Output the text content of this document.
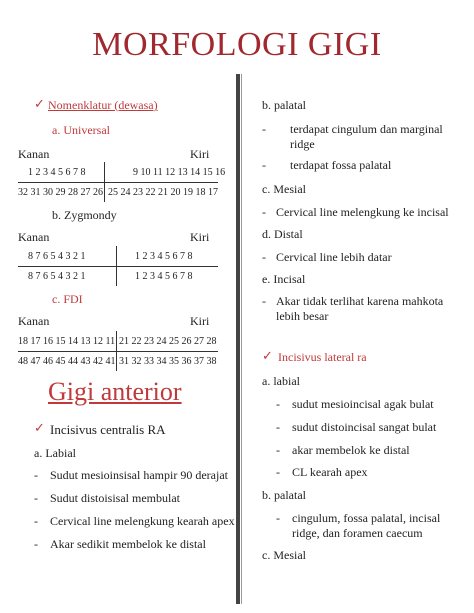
MORFOLOGI GIGI
✓ Nomenklatur (dewasa)
a. Universal
Kanan	Kiri
1 2 3 4 5 6 7 8	9 10 11 12 13 14 15 16
32 31 30 29 28 27 26 25 24 23 22 21 20 19 18 17
b. Zygmondy
Kanan	Kiri
8 7 6 5 4 3 2 1	1 2 3 4 5 6 7 8
8 7 6 5 4 3 2 1	1 2 3 4 5 6 7 8
c. FDI
Kanan	Kiri
18 17 16 15 14 13 12 11 21 22 23 24 25 26 27 28
48 47 46 45 44 43 42 41 31 32 33 34 35 36 37 38
Gigi anterior
✓ Incisivus centralis RA
a. Labial
- Sudut mesioinsisal hampir 90 derajat
- Sudut distoisisal membulat
- Cervical line melengkung kearah apex
- Akar sedikit membelok ke distal
b. palatal
- terdapat cingulum dan marginal
ridge
- terdapat fossa palatal
c. Mesial
- Cervical line melengkung ke incisal
d. Distal
- Cervical line lebih datar
e. Incisal
- Akar tidak terlihat karena mahkota
lebih besar
✓ Incisivus lateral ra
a. labial
- sudut mesioincisal agak bulat
- sudut distoincisal sangat bulat
- akar membelok ke distal
- CL kearah apex
b. palatal
- cingulum, fossa palatal, incisal
ridge, dan foramen caecum
c. Mesial
